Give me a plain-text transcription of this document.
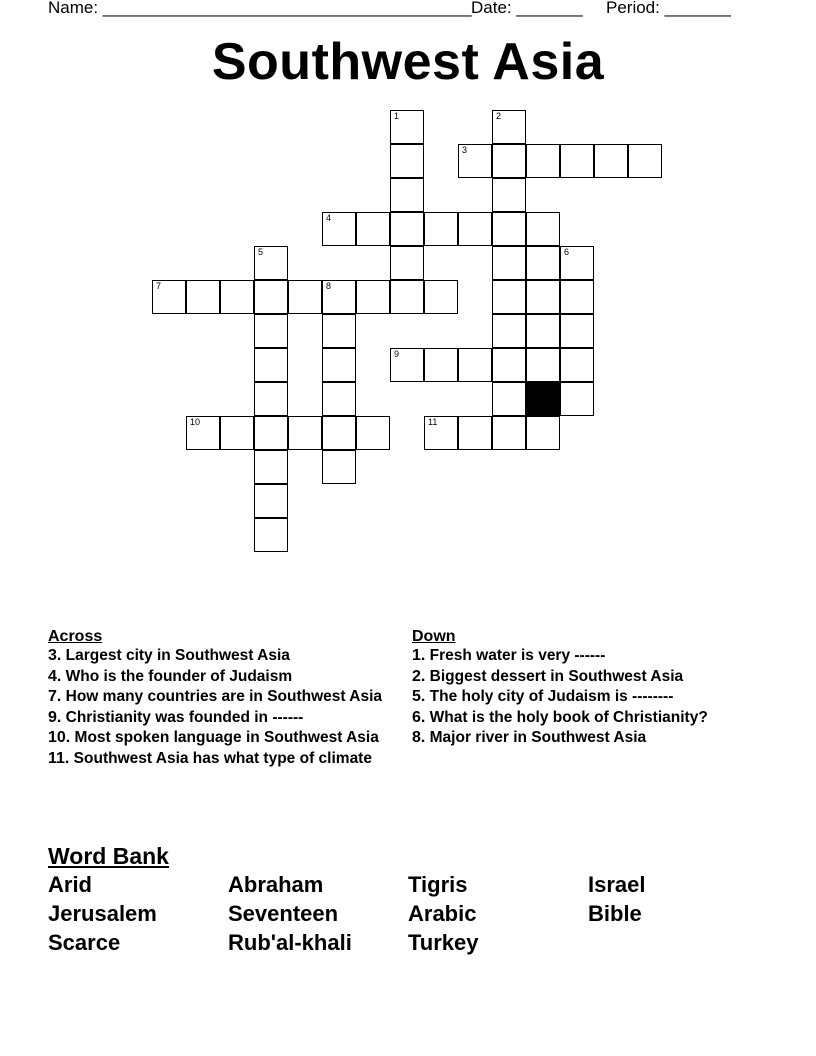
Name: _______________________________________ Date: _______ Period: _______
Southwest Asia
1	2
3
4
5	6
7	8
9
10	11
Across
3. Largest city in Southwest Asia
4. Who is the founder of Judaism
7. How many countries are in Southwest Asia
9. Christianity was founded in ------
10. Most spoken language in Southwest Asia
11. Southwest Asia has what type of climate
Down
1. Fresh water is very ------
2. Biggest dessert in Southwest Asia
5. The holy city of Judaism is --------
6. What is the holy book of Christianity?
8. Major river in Southwest Asia
Word Bank
Arid	Abraham	Tigris	Israel
Jerusalem	Seventeen	Arabic	Bible
Scarce	Rub'al-khali	Turkey
